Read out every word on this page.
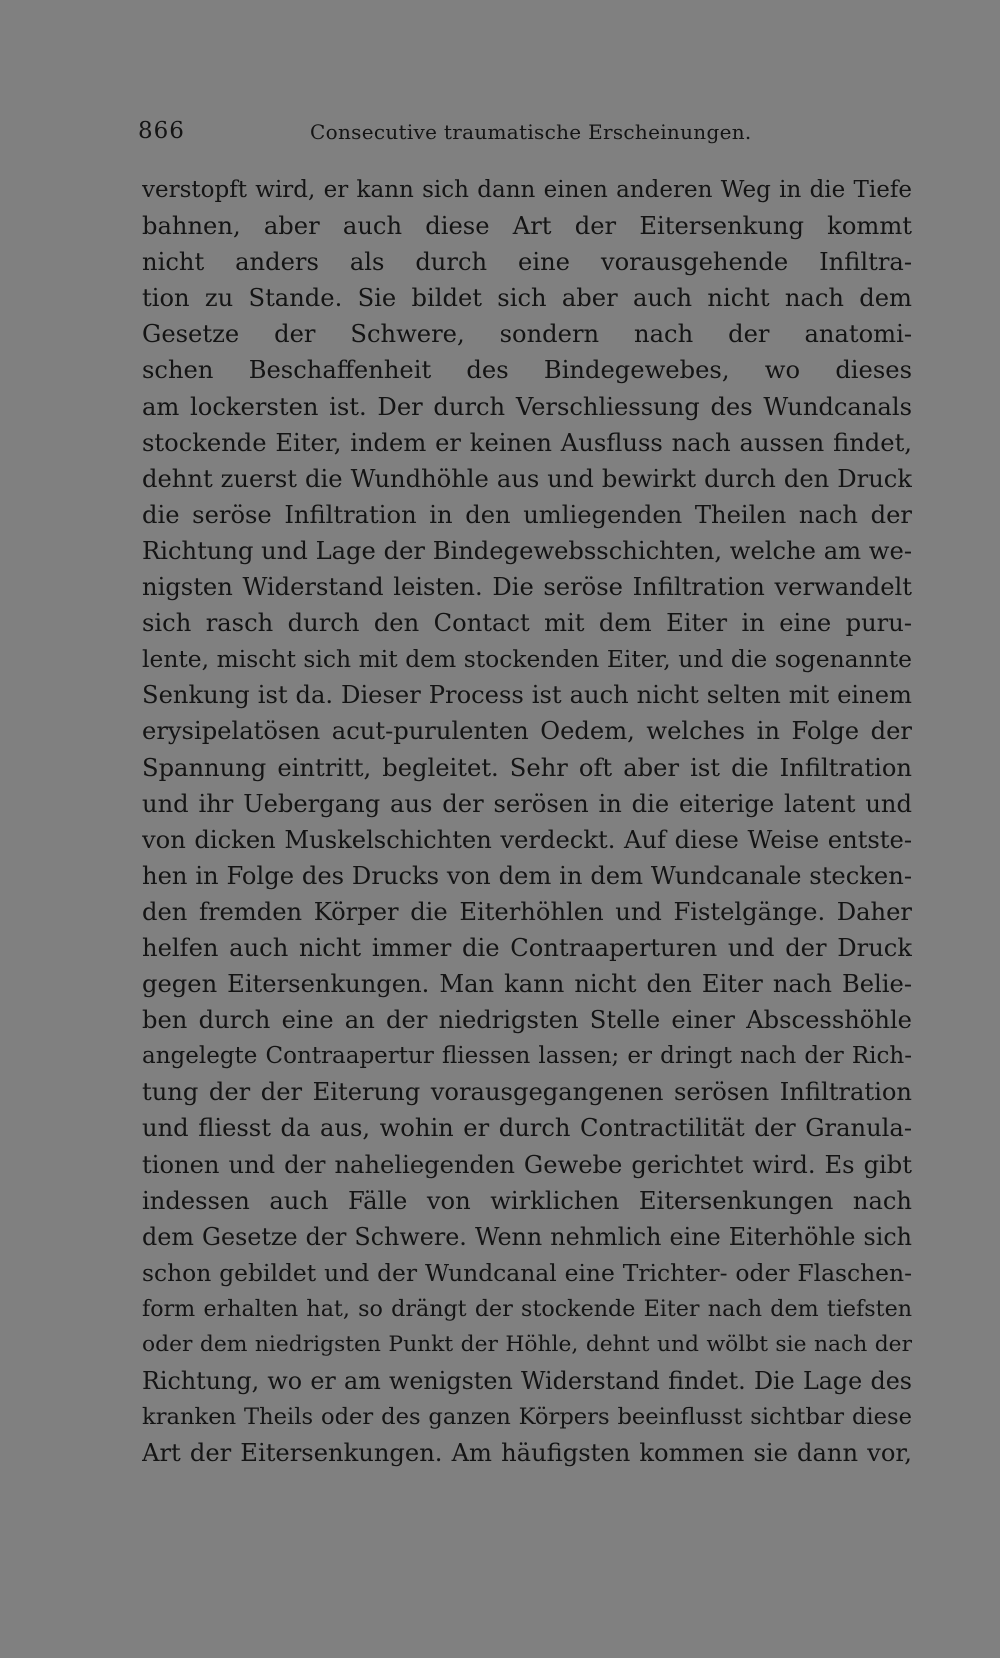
866	Consecutive traumatische Erscheinungen.
verstopft wird, er kann sich dann einen anderen Weg in die Tiefe
bahnen, aber auch diese Art der Eitersenkung kommt
nicht anders als durch eine vorausgehende Infiltra-
tion zu Stande. Sie bildet sich aber auch nicht nach dem
Gesetze der Schwere, sondern nach der anatomi-
schen Beschaffenheit des Bindegewebes, wo dieses
am lockersten ist. Der durch Verschliessung des Wundcanals
stockende Eiter, indem er keinen Ausfluss nach aussen findet,
dehnt zuerst die Wundhöhle aus und bewirkt durch den Druck
die seröse Infiltration in den umliegenden Theilen nach der
Richtung und Lage der Bindegewebsschichten, welche am we-
nigsten Widerstand leisten. Die seröse Infiltration verwandelt
sich rasch durch den Contact mit dem Eiter in eine puru-
lente, mischt sich mit dem stockenden Eiter, und die sogenannte
Senkung ist da. Dieser Process ist auch nicht selten mit einem
erysipelatösen acut-purulenten Oedem, welches in Folge der
Spannung eintritt, begleitet. Sehr oft aber ist die Infiltration
und ihr Uebergang aus der serösen in die eiterige latent und
von dicken Muskelschichten verdeckt. Auf diese Weise entste-
hen in Folge des Drucks von dem in dem Wundcanale stecken-
den fremden Körper die Eiterhöhlen und Fistelgänge. Daher
helfen auch nicht immer die Contraaperturen und der Druck
gegen Eitersenkungen. Man kann nicht den Eiter nach Belie-
ben durch eine an der niedrigsten Stelle einer Abscesshöhle
angelegte Contraapertur fliessen lassen; er dringt nach der Rich-
tung der der Eiterung vorausgegangenen serösen Infiltration
und fliesst da aus, wohin er durch Contractilität der Granula-
tionen und der naheliegenden Gewebe gerichtet wird. Es gibt
indessen auch Fälle von wirklichen Eitersenkungen nach
dem Gesetze der Schwere. Wenn nehmlich eine Eiterhöhle sich
schon gebildet und der Wundcanal eine Trichter- oder Flaschen-
form erhalten hat, so drängt der stockende Eiter nach dem tiefsten
oder dem niedrigsten Punkt der Höhle, dehnt und wölbt sie nach der
Richtung, wo er am wenigsten Widerstand findet. Die Lage des
kranken Theils oder des ganzen Körpers beeinflusst sichtbar diese
Art der Eitersenkungen. Am häufigsten kommen sie dann vor,
